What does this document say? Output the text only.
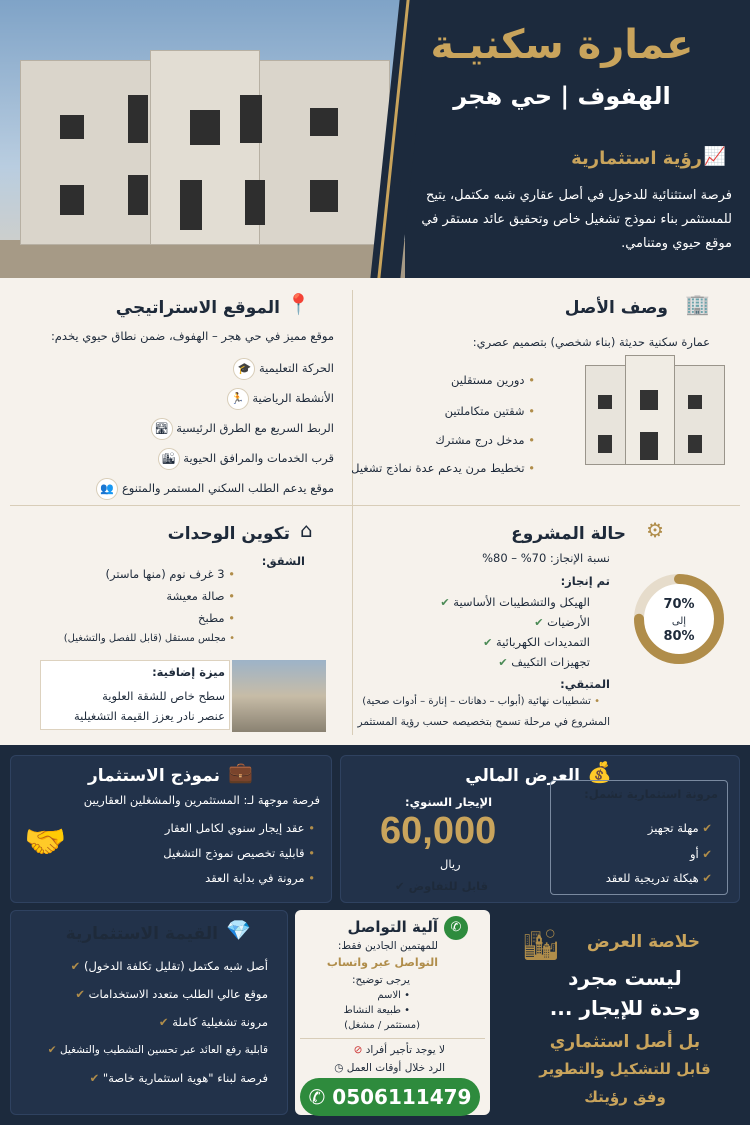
عمارة سكنيـة
الهفوف | حي هجر
📈
رؤية استثمارية
فرصة استثنائية للدخول في أصل عقاري شبه مكتمل، يتيح للمستثمر بناء نموذج تشغيل خاص وتحقيق عائد مستقر في موقع حيوي ومتنامي.
🏢
وصف الأصل
عمارة سكنية حديثة (بناء شخصي) بتصميم عصري:
• دورين مستقلين
• شقتين متكاملتين
• مدخل درج مشترك
• تخطيط مرن يدعم عدة نماذج تشغيل
📍
الموقع الاستراتيجي
موقع مميز في حي هجر – الهفوف، ضمن نطاق حيوي يخدم:
الحركة التعليمية 🎓
الأنشطة الرياضية 🏃
الربط السريع مع الطرق الرئيسية 🛣
قرب الخدمات والمرافق الحيوية 🏙
موقع يدعم الطلب السكني المستمر والمتنوع 👥
⚙
حالة المشروع
نسبة الإنجاز: 70% – 80%
تم إنجاز:
الهيكل والتشطيبات الأساسية ✔
الأرضيات ✔
التمديدات الكهربائية ✔
تجهيزات التكييف ✔
70%
إلى
80%
المتبقي:
• تشطيبات نهائية (أبواب – دهانات – إنارة – أدوات صحية)
المشروع في مرحلة تسمح بتخصيصه حسب رؤية المستثمر
⌂
تكوين الوحدات
الشقق:
• 3 غرف نوم (منها ماستر)
• صالة معيشة
• مطبخ
• مجلس مستقل (قابل للفصل والتشغيل)
ميزة إضافية:
سطح خاص للشقة العلوية
عنصر نادر يعزز القيمة التشغيلية
💼
نموذج الاستثمار
فرصة موجهة لـ: المستثمرين والمشغلين العقاريين
• عقد إيجار سنوي لكامل العقار
• قابلية تخصيص نموذج التشغيل
• مرونة في بداية العقد
🤝
💰
العرض المالي
الإيجار السنوي:
60,000
ريال
قابل للتفاوض ✔
مرونة استثمارية تشمل:
✔ مهلة تجهيز
✔ أو
✔ هيكلة تدريجية للعقد
💎
القيمة الاستثمارية
أصل شبه مكتمل (تقليل تكلفة الدخول) ✔
موقع عالي الطلب متعدد الاستخدامات ✔
مرونة تشغيلية كاملة ✔
قابلية رفع العائد عبر تحسين التشطيب والتشغيل ✔
فرصة لبناء "هوية استثمارية خاصة" ✔
✆
آلية التواصل
للمهتمين الجادين فقط:
التواصل عبر واتساب
يرجى توضيح:
• الاسم
• طبيعة النشاط
(مستثمر / مشغل)
لا يوجد تأجير أفراد ⊘
الرد خلال أوقات العمل ◷
0506111479 ✆
🏙 خلاصة العرض
ليست مجرد
وحدة للإيجار ...
بل أصل استثماري
قابل للتشكيل والتطوير
وفق رؤيتك
